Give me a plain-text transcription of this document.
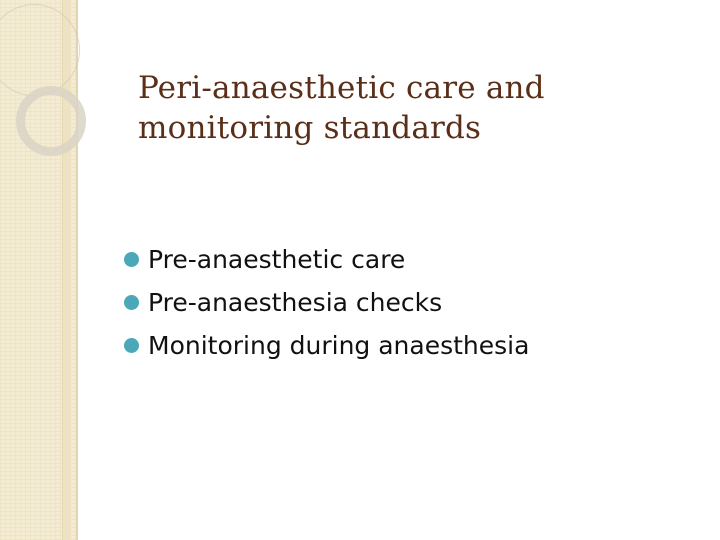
Peri-anaesthetic care and monitoring standards
Pre-anaesthetic care
Pre-anaesthesia checks
Monitoring during anaesthesia
